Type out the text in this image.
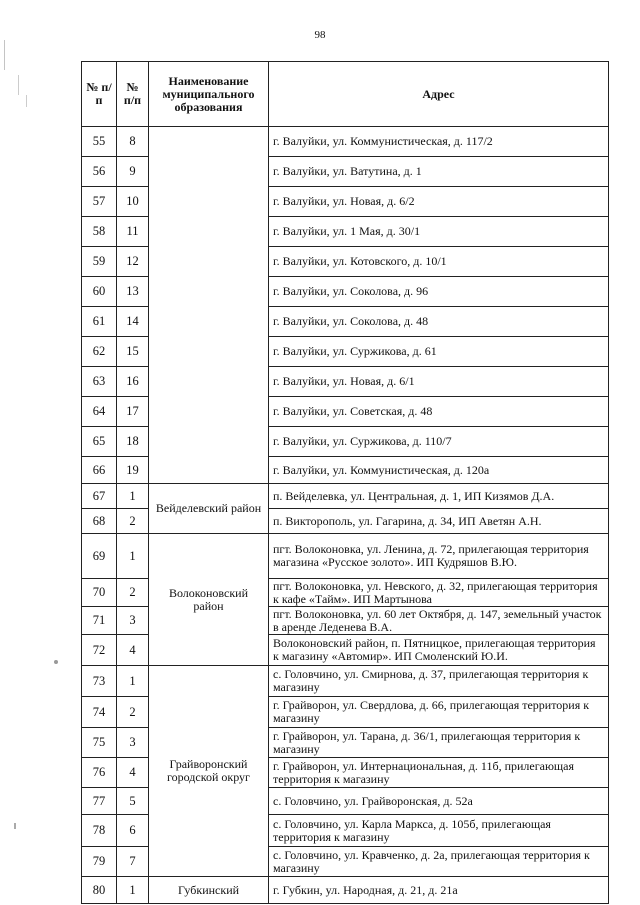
98
№ п/п	№ п/п	Наименование муниципального образования	Адрес
55	8		г. Валуйки, ул. Коммунистическая, д. 117/2
56	9		г. Валуйки, ул. Ватутина, д. 1
57	10		г. Валуйки, ул. Новая, д. 6/2
58	11		г. Валуйки, ул. 1 Мая, д. 30/1
59	12		г. Валуйки, ул. Котовского, д. 10/1
60	13		г. Валуйки, ул. Соколова, д. 96
61	14		г. Валуйки, ул. Соколова, д. 48
62	15		г. Валуйки, ул. Суржикова, д. 61
63	16		г. Валуйки, ул. Новая, д. 6/1
64	17		г. Валуйки, ул. Советская, д. 48
65	18		г. Валуйки, ул. Суржикова, д. 110/7
66	19		г. Валуйки, ул. Коммунистическая, д. 120а
67	1	Вейделевский район	п. Вейделевка, ул. Центральная, д. 1, ИП Кизямов Д.А.
68	2		п. Викторополь, ул. Гагарина, д. 34, ИП Аветян А.Н.
69	1	Волоконовский район	пгт. Волоконовка, ул. Ленина, д. 72, прилегающая территория магазина «Русское золото». ИП Кудряшов В.Ю.
70	2		пгт. Волоконовка, ул. Невского, д. 32, прилегающая территория к кафе «Тайм». ИП Мартынова
71	3		пгт. Волоконовка, ул. 60 лет Октября, д. 147, земельный участок в аренде Леденева В.А.
72	4		Волоконовский район, п. Пятницкое, прилегающая территория к магазину «Автомир». ИП Смоленский Ю.И.
73	1	Грайворонский городской округ	с. Головчино, ул. Смирнова, д. 37, прилегающая территория к магазину
74	2		г. Грайворон, ул. Свердлова, д. 66, прилегающая территория к магазину
75	3		г. Грайворон, ул. Тарана, д. 36/1, прилегающая территория к магазину
76	4		г. Грайворон, ул. Интернациональная, д. 11б, прилегающая территория к магазину
77	5		с. Головчино, ул. Грайворонская, д. 52а
78	6		с. Головчино, ул. Карла Маркса, д. 105б, прилегающая территория к магазину
79	7		с. Головчино, ул. Кравченко, д. 2а, прилегающая территория к магазину
80	1	Губкинский	г. Губкин, ул. Народная, д. 21, д. 21а
